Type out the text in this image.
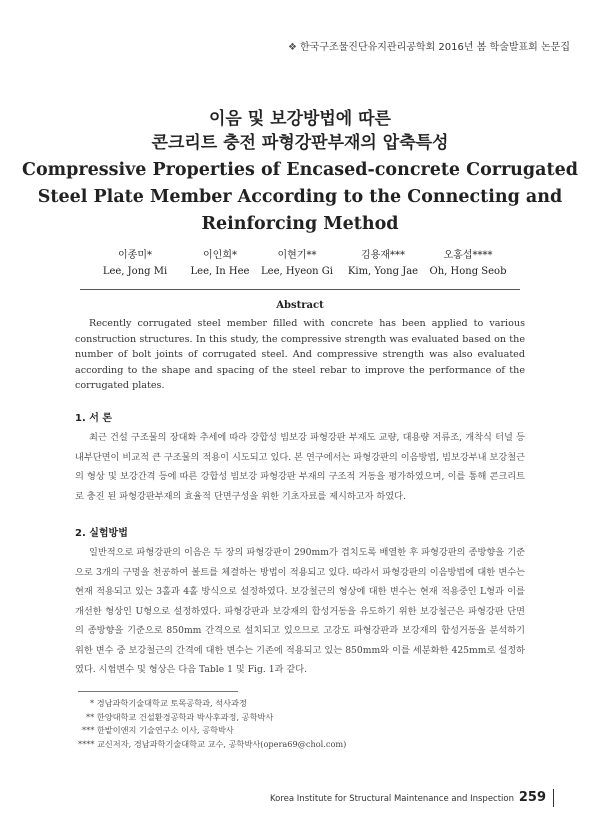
❖ 한국구조물진단유지관리공학회 2016년 봄 학술발표회 논문집
이음 및 보강방법에 따른
콘크리트 충전 파형강판부재의 압축특성
Compressive Properties of Encased-concrete Corrugated
Steel Plate Member According to the Connecting and
Reinforcing Method
이종미*
Lee, Jong Mi
이인희*
Lee, In Hee
이현기**
Lee, Hyeon Gi
김용재***
Kim, Yong Jae
오홍섭****
Oh, Hong Seob
Abstract
Recently corrugated steel member filled with concrete has been applied to various construction structures. In this study, the compressive strength was evaluated based on the number of bolt joints of corrugated steel. And compressive strength was also evaluated according to the shape and spacing of the steel rebar to improve the performance of the corrugated plates.
1. 서 론
최근 건설 구조물의 장대화 추세에 따라 강합성 빔보강 파형강판 부재도 교량, 대용량 저류조, 개착식 터널 등 내부단면이 비교적 큰 구조물의 적용이 시도되고 있다. 본 연구에서는 파형강판의 이음방법, 빔보강부내 보강철근의 형상 및 보강간격 등에 따른 강합성 빔보강 파형강판 부재의 구조적 거동을 평가하였으며, 이를 통해 콘크리트로 충진 된 파형강판부재의 효율적 단면구성을 위한 기초자료를 제시하고자 하였다.
2. 실험방법
일반적으로 파형강판의 이음은 두 장의 파형강판이 290mm가 겹치도록 배열한 후 파형강판의 종방향을 기준으로 3개의 구멍을 천공하여 볼트를 체결하는 방법이 적용되고 있다. 따라서 파형강판의 이음방법에 대한 변수는 현재 적용되고 있는 3홀과 4홀 방식으로 설정하였다. 보강철근의 형상에 대한 변수는 현재 적용중인 L형과 이를 개선한 형상인 U형으로 설정하였다. 파형강판과 보강재의 합성거동을 유도하기 위한 보강철근은 파형강판 단면의 종방향을 기준으로 850mm 간격으로 설치되고 있으므로 고강도 파형강판과 보강재의 합성거동을 분석하기 위한 변수 중 보강철근의 간격에 대한 변수는 기존에 적용되고 있는 850mm와 이를 세분화한 425mm로 설정하였다. 시험변수 및 형상은 다음 Table 1 및 Fig. 1과 같다.
* 경남과학기술대학교 토목공학과, 석사과정
** 한양대학교 건설환경공학과 박사후과정, 공학박사
*** 한밭이앤지 기술연구소 이사, 공학박사
**** 교신저자, 경남과학기술대학교 교수, 공학박사(opera69@chol.com)
Korea Institute for Structural Maintenance and Inspection 259
